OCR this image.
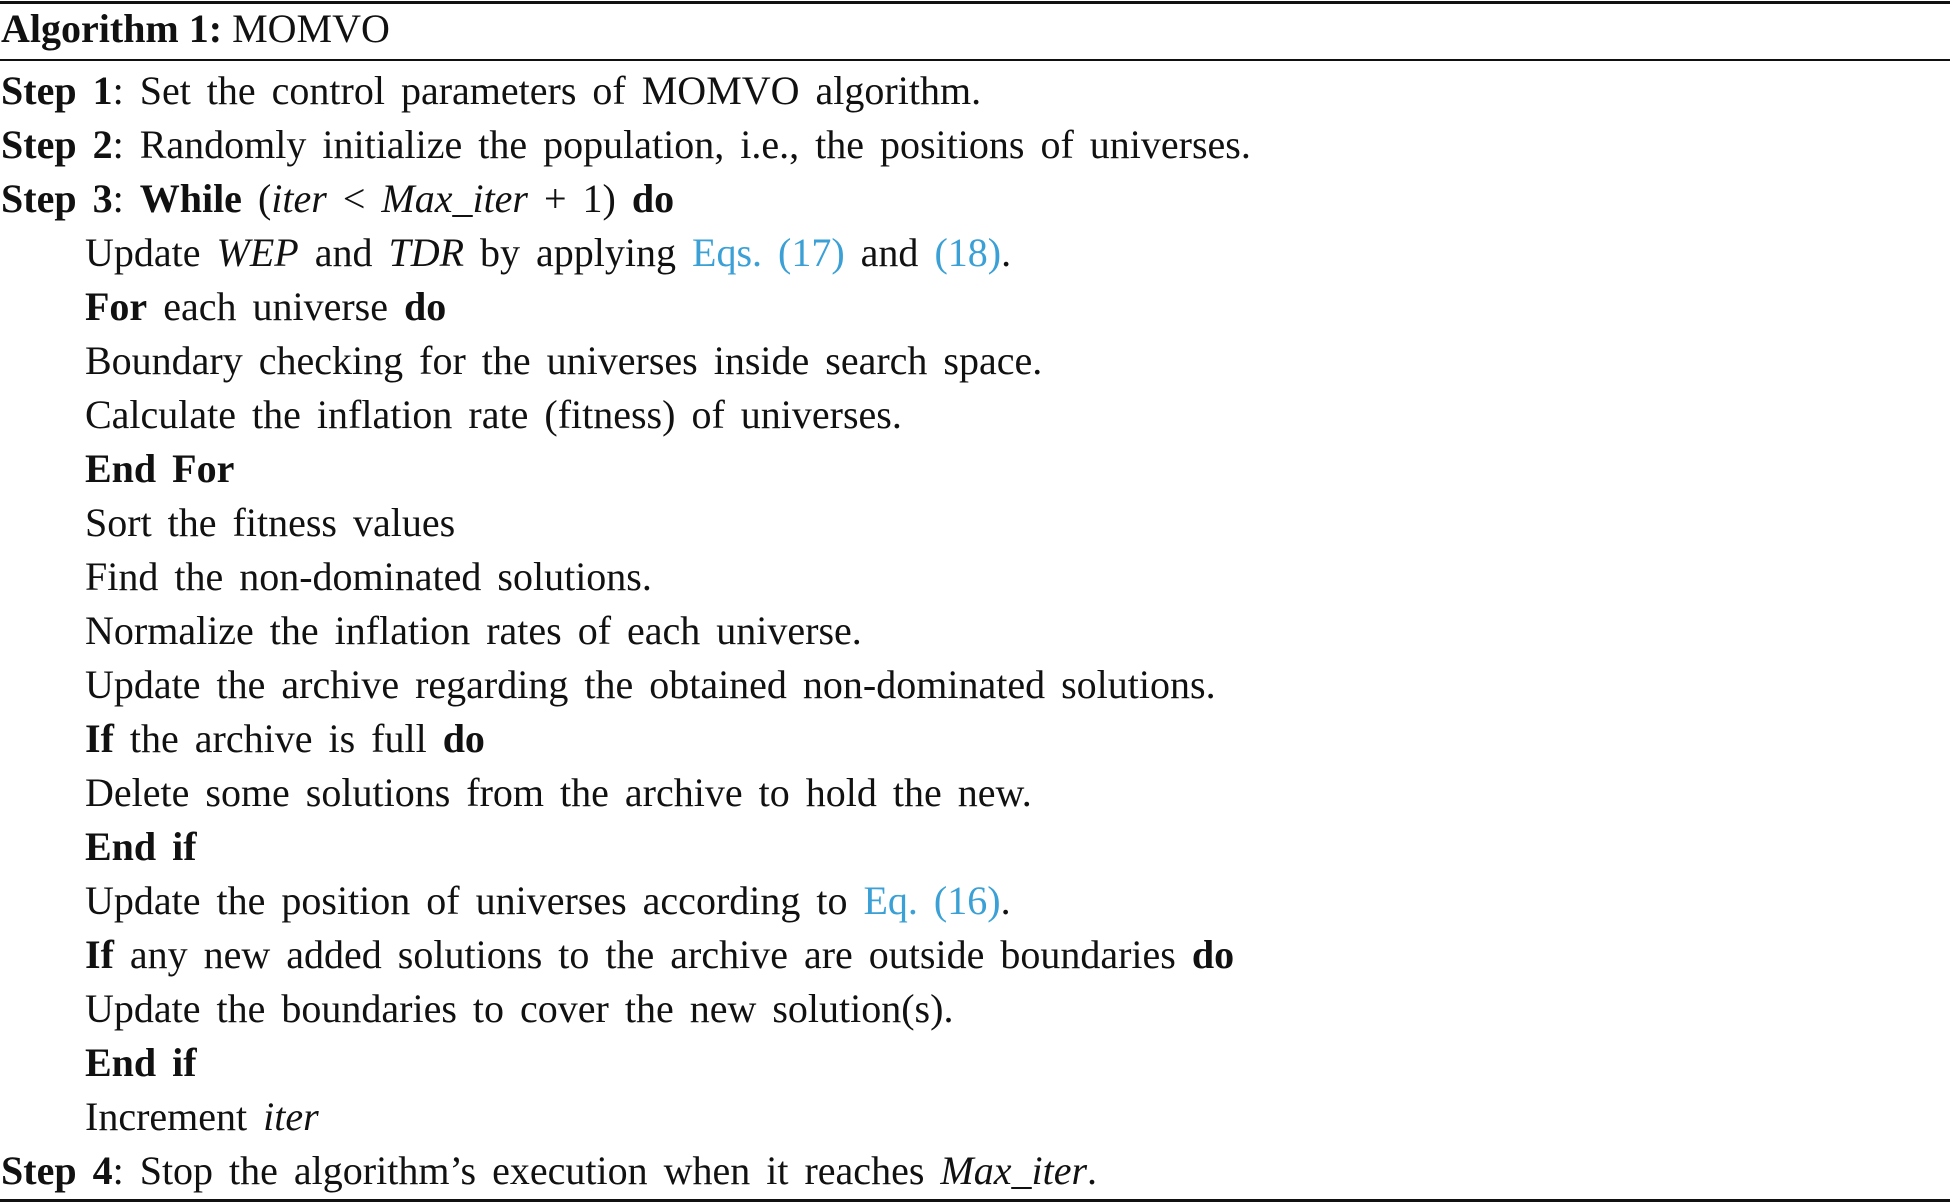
Algorithm 1: MOMVO
Step 1: Set the control parameters of MOMVO algorithm.
Step 2: Randomly initialize the population, i.e., the positions of universes.
Step 3: While (iter < Max_iter + 1) do
Update WEP and TDR by applying Eqs. (17) and (18).
For each universe do
Boundary checking for the universes inside search space.
Calculate the inflation rate (fitness) of universes.
End For
Sort the fitness values
Find the non-dominated solutions.
Normalize the inflation rates of each universe.
Update the archive regarding the obtained non-dominated solutions.
If the archive is full do
Delete some solutions from the archive to hold the new.
End if
Update the position of universes according to Eq. (16).
If any new added solutions to the archive are outside boundaries do
Update the boundaries to cover the new solution(s).
End if
Increment iter
Step 4: Stop the algorithm’s execution when it reaches Max_iter.
